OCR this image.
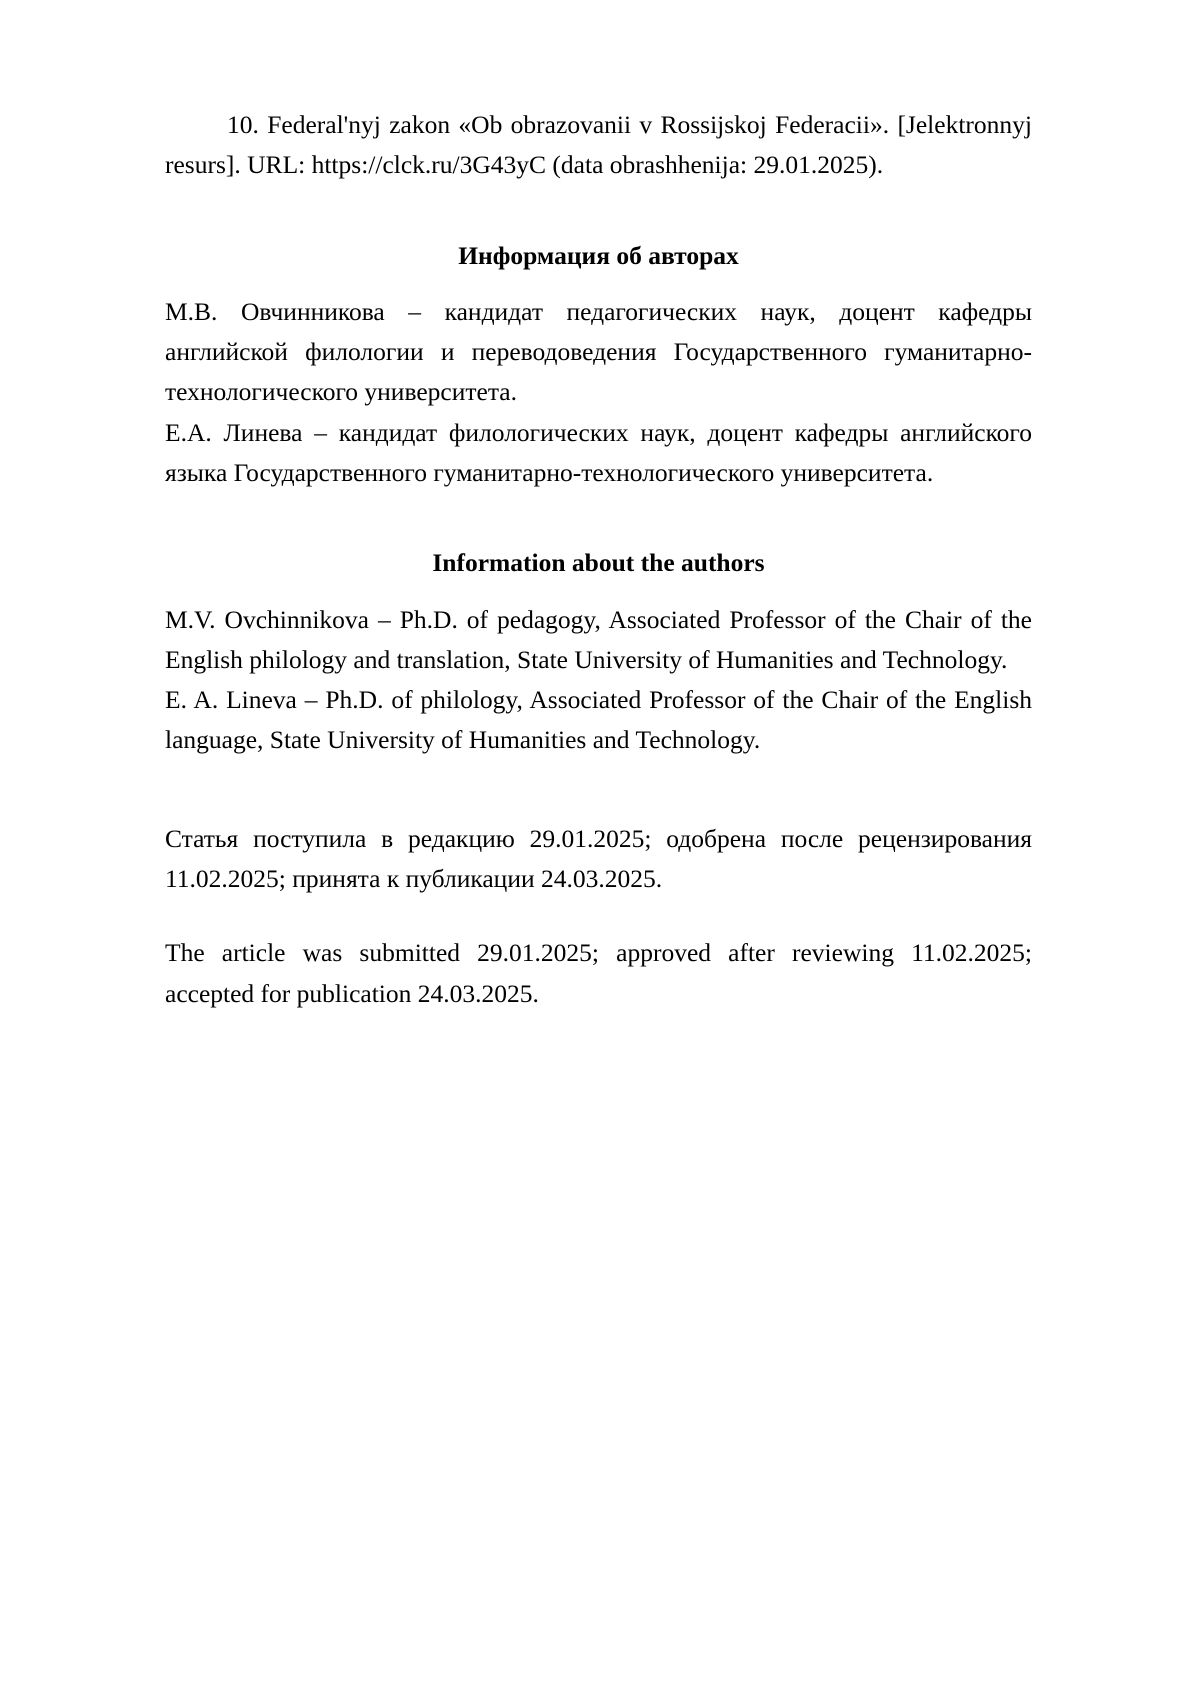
10. Federal'nyj zakon «Ob obrazovanii v Rossijskoj Federacii». [Jelektronnyj resurs]. URL: https://clck.ru/3G43yC (data obrashhenija: 29.01.2025).

Информация об авторах

М.В. Овчинникова – кандидат педагогических наук, доцент кафедры английской филологии и переводоведения Государственного гуманитарно-технологического университета.

Е.А. Линева – кандидат филологических наук, доцент кафедры английского языка Государственного гуманитарно-технологического университета.

Information about the authors

M.V. Ovchinnikova – Ph.D. of pedagogy, Associated Professor of the Chair of the English philology and translation, State University of Humanities and Technology.

E. A. Lineva – Ph.D. of philology, Associated Professor of the Chair of the English language, State University of Humanities and Technology.

Статья поступила в редакцию 29.01.2025; одобрена после рецензирования 11.02.2025; принята к публикации 24.03.2025.

The article was submitted 29.01.2025; approved after reviewing 11.02.2025; accepted for publication 24.03.2025.
